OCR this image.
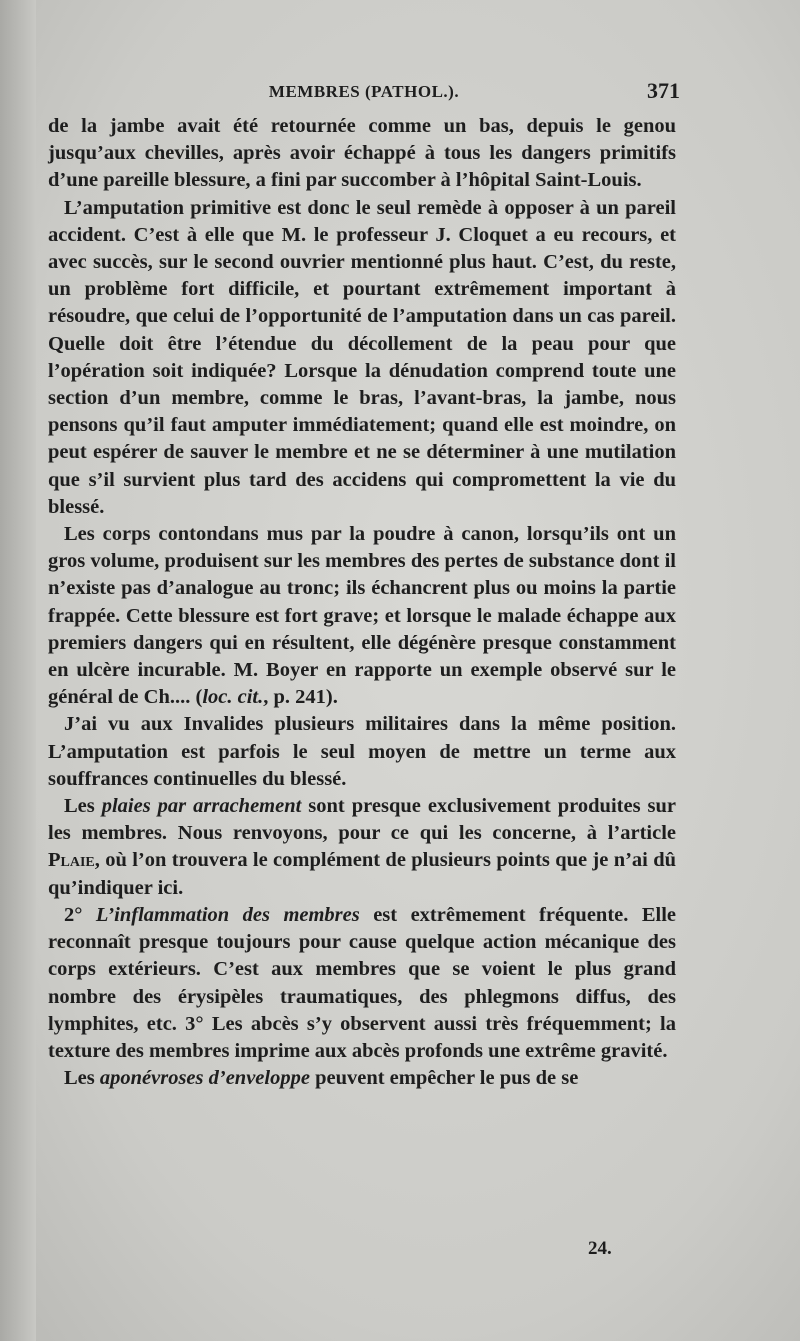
MEMBRES (PATHOL.).	371

de la jambe avait été retournée comme un bas, depuis le genou jusqu’aux chevilles, après avoir échappé à tous les dangers primitifs d’une pareille blessure, a fini par succomber à l’hôpital Saint-Louis.

L’amputation primitive est donc le seul remède à opposer à un pareil accident. C’est à elle que M. le professeur J. Cloquet a eu recours, et avec succès, sur le second ouvrier mentionné plus haut. C’est, du reste, un problème fort difficile, et pourtant extrêmement important à résoudre, que celui de l’opportunité de l’amputation dans un cas pareil. Quelle doit être l’étendue du décollement de la peau pour que l’opération soit indiquée? Lorsque la dénudation comprend toute une section d’un membre, comme le bras, l’avant-bras, la jambe, nous pensons qu’il faut amputer immédiatement; quand elle est moindre, on peut espérer de sauver le membre et ne se déterminer à une mutilation que s’il survient plus tard des accidens qui compromettent la vie du blessé.

Les corps contondans mus par la poudre à canon, lorsqu’ils ont un gros volume, produisent sur les membres des pertes de substance dont il n’existe pas d’analogue au tronc; ils échancrent plus ou moins la partie frappée. Cette blessure est fort grave; et lorsque le malade échappe aux premiers dangers qui en résultent, elle dégénère presque constamment en ulcère incurable. M. Boyer en rapporte un exemple observé sur le général de Ch.... (loc. cit., p. 241).

J’ai vu aux Invalides plusieurs militaires dans la même position. L’amputation est parfois le seul moyen de mettre un terme aux souffrances continuelles du blessé.

Les plaies par arrachement sont presque exclusivement produites sur les membres. Nous renvoyons, pour ce qui les concerne, à l’article Plaie, où l’on trouvera le complément de plusieurs points que je n’ai dû qu’indiquer ici.

2° L’inflammation des membres est extrêmement fréquente. Elle reconnaît presque toujours pour cause quelque action mécanique des corps extérieurs. C’est aux membres que se voient le plus grand nombre des érysipèles traumatiques, des phlegmons diffus, des lymphites, etc. 3° Les abcès s’y observent aussi très fréquemment; la texture des membres imprime aux abcès profonds une extrême gravité.

Les aponévroses d’enveloppe peuvent empêcher le pus de se

24.
